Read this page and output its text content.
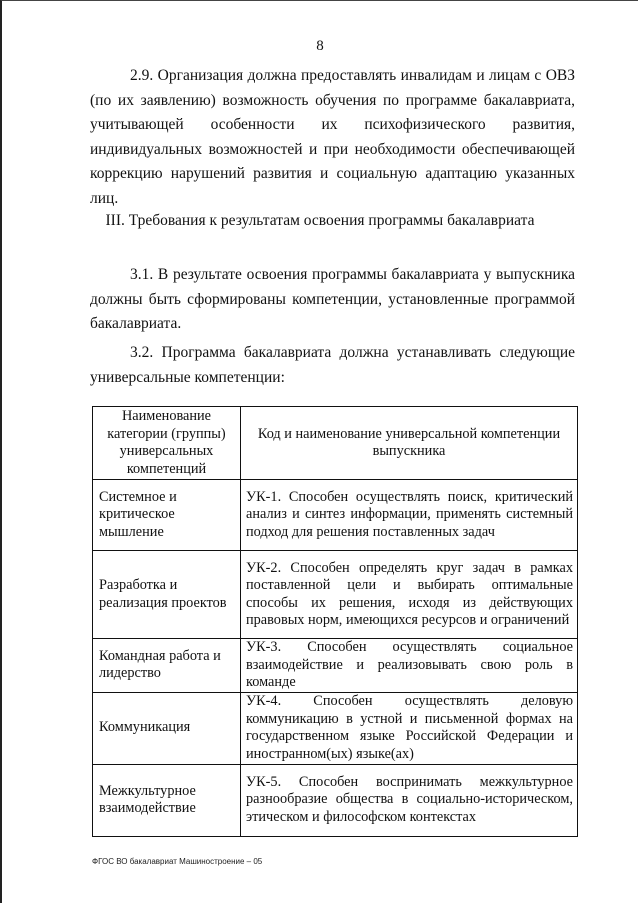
8

2.9. Организация должна предоставлять инвалидам и лицам с ОВЗ (по их заявлению) возможность обучения по программе бакалавриата, учитывающей особенности их психофизического развития, индивидуальных возможностей и при необходимости обеспечивающей коррекцию нарушений развития и социальную адаптацию указанных лиц.

III. Требования к результатам освоения программы бакалавриата

3.1. В результате освоения программы бакалавриата у выпускника должны быть сформированы компетенции, установленные программой бакалавриата.

3.2. Программа бакалавриата должна устанавливать следующие универсальные компетенции:

Наименование категории (группы) универсальных компетенций	Код и наименование универсальной компетенции выпускника
Системное и критическое мышление	УК-1. Способен осуществлять поиск, критический анализ и синтез информации, применять системный подход для решения поставленных задач
Разработка и реализация проектов	УК-2. Способен определять круг задач в рамках поставленной цели и выбирать оптимальные способы их решения, исходя из действующих правовых норм, имеющихся ресурсов и ограничений
Командная работа и лидерство	УК-3. Способен осуществлять социальное взаимодействие и реализовывать свою роль в команде
Коммуникация	УК-4. Способен осуществлять деловую коммуникацию в устной и письменной формах на государственном языке Российской Федерации и иностранном(ых) языке(ах)
Межкультурное взаимодействие	УК-5. Способен воспринимать межкультурное разнообразие общества в социально-историческом, этическом и философском контекстах
ФГОС ВО бакалавриат Машиностроение – 05
